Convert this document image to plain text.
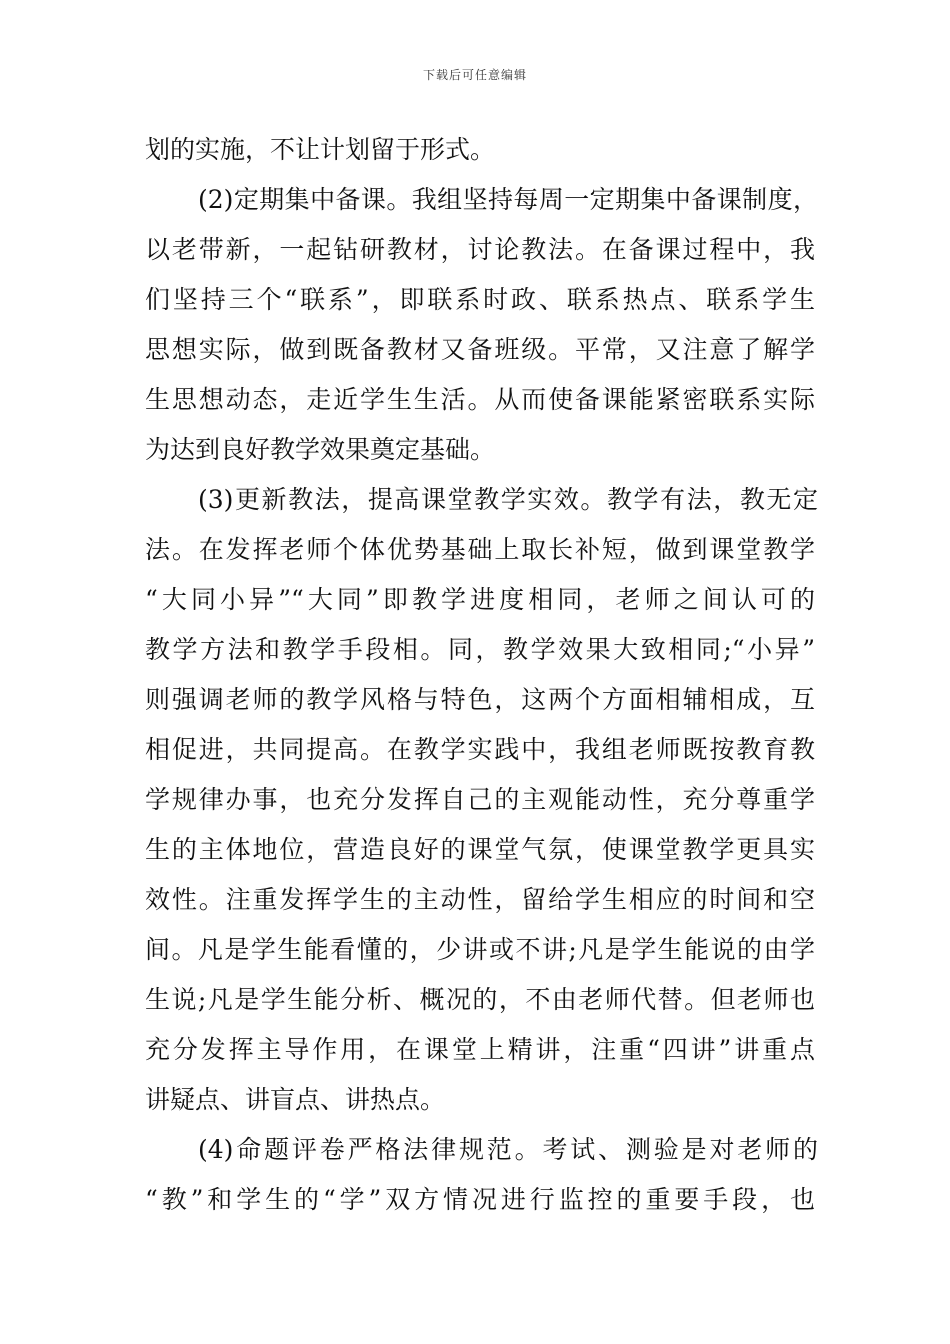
下载后可任意编辑
划的实施，不让计划留于形式。
(2)定期集中备课。我组坚持每周一定期集中备课制度，
以老带新，一起钻研教材，讨论教法。在备课过程中，我
们坚持三个“联系”，即联系时政、联系热点、联系学生
思想实际，做到既备教材又备班级。平常，又注意了解学
生思想动态，走近学生生活。从而使备课能紧密联系实际
为达到良好教学效果奠定基础。
(3)更新教法，提高课堂教学实效。教学有法，教无定
法。在发挥老师个体优势基础上取长补短，做到课堂教学
“大同小异”“大同”即教学进度相同，老师之间认可的
教学方法和教学手段相。同，教学效果大致相同;“小异”
则强调老师的教学风格与特色，这两个方面相辅相成，互
相促进，共同提高。在教学实践中，我组老师既按教育教
学规律办事，也充分发挥自己的主观能动性，充分尊重学
生的主体地位，营造良好的课堂气氛，使课堂教学更具实
效性。注重发挥学生的主动性，留给学生相应的时间和空
间。凡是学生能看懂的，少讲或不讲;凡是学生能说的由学
生说;凡是学生能分析、概况的，不由老师代替。但老师也
充分发挥主导作用，在课堂上精讲，注重“四讲”讲重点
讲疑点、讲盲点、讲热点。
(4)命题评卷严格法律规范。考试、测验是对老师的
“教”和学生的“学”双方情况进行监控的重要手段，也
